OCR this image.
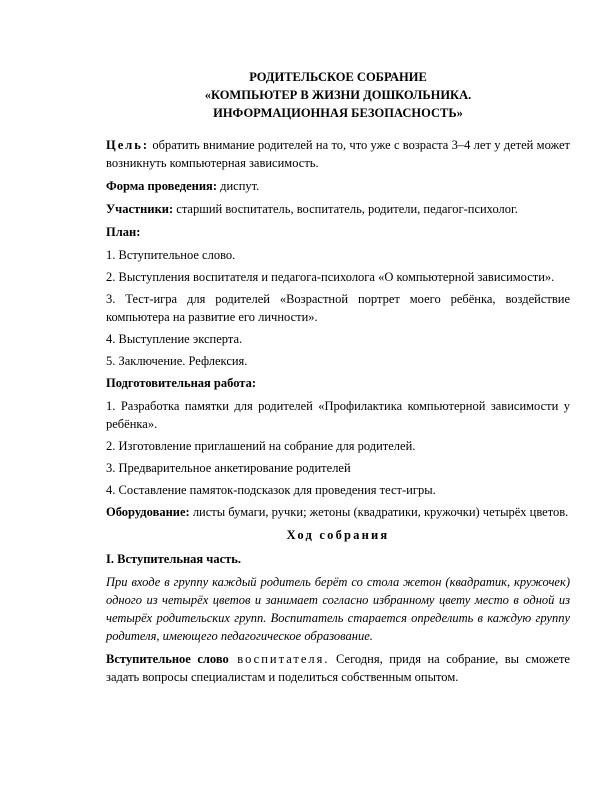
РОДИТЕЛЬСКОЕ СОБРАНИЕ
«КОМПЬЮТЕР В ЖИЗНИ ДОШКОЛЬНИКА.
ИНФОРМАЦИОННАЯ БЕЗОПАСНОСТЬ»

Цель: обратить внимание родителей на то, что уже с возраста 3–4 лет у детей может возникнуть компьютерная зависимость.

Форма проведения: диспут.

Участники: старший воспитатель, воспитатель, родители, педагог-психолог.

План:

1. Вступительное слово.

2. Выступления воспитателя и педагога-психолога «О компьютерной зависимости».

3. Тест-игра для родителей «Возрастной портрет моего ребёнка, воздействие компьютера на развитие его личности».

4. Выступление эксперта.

5. Заключение. Рефлексия.

Подготовительная работа:

1. Разработка памятки для родителей «Профилактика компьютерной зависимости у ребёнка».

2. Изготовление приглашений на собрание для родителей.

3. Предварительное анкетирование родителей

4. Составление памяток-подсказок для проведения тест-игры.

Оборудование: листы бумаги, ручки; жетоны (квадратики, кружочки) четырёх цветов.

Ход собрания

I. Вступительная часть.

При входе в группу каждый родитель берёт со стола жетон (квадратик, кружочек) одного из четырёх цветов и занимает согласно избранному цвету место в одной из четырёх родительских групп. Воспитатель старается определить в каждую группу родителя, имеющего педагогическое образование.

Вступительное слово воспитателя. Сегодня, придя на собрание, вы сможете задать вопросы специалистам и поделиться собственным опытом.
